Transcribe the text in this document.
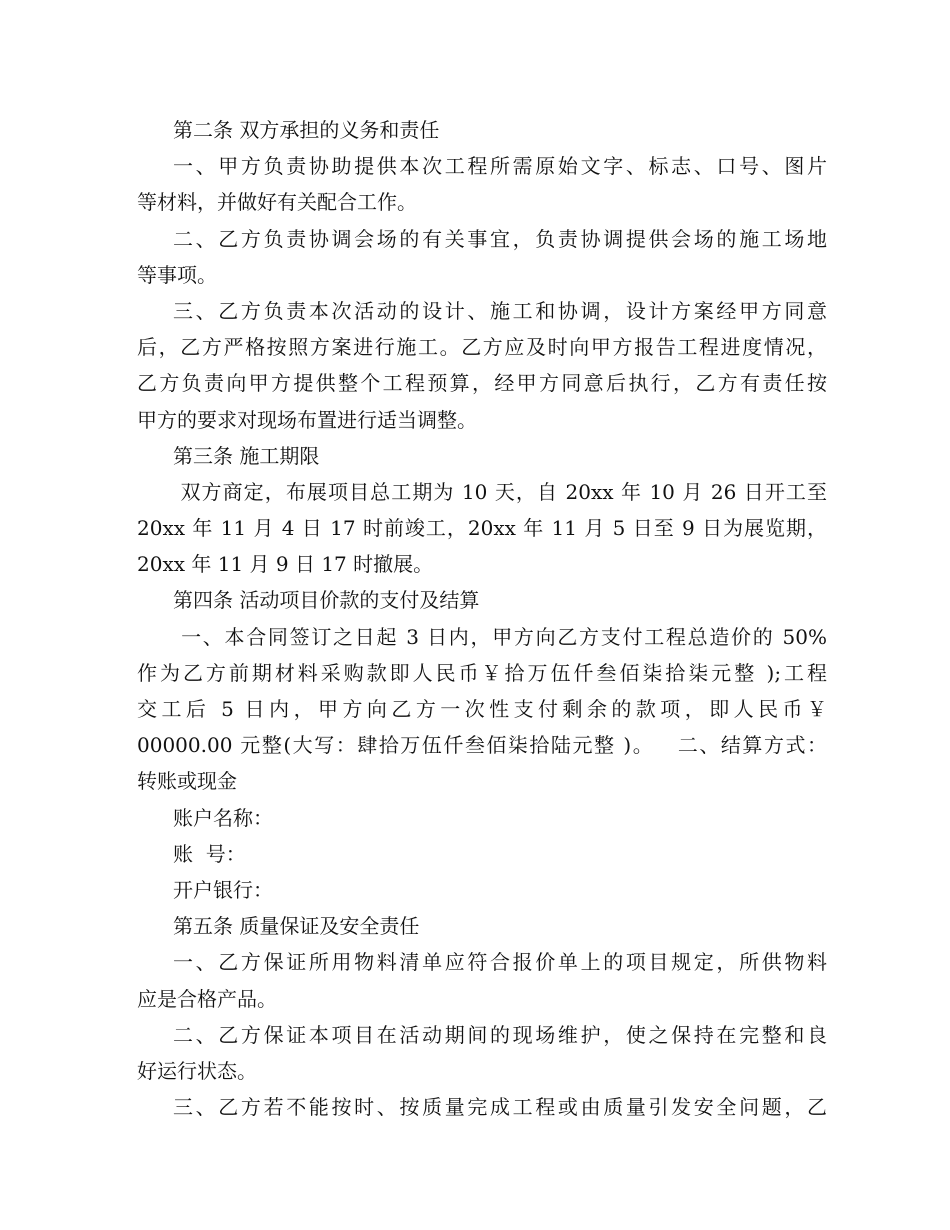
第二条 双方承担的义务和责任
一、甲方负责协助提供本次工程所需原始文字、标志、口号、图片
等材料，并做好有关配合工作。
二、乙方负责协调会场的有关事宜，负责协调提供会场的施工场地
等事项。
三、乙方负责本次活动的设计、施工和协调，设计方案经甲方同意
后，乙方严格按照方案进行施工。乙方应及时向甲方报告工程进度情况，
乙方负责向甲方提供整个工程预算，经甲方同意后执行，乙方有责任按
甲方的要求对现场布置进行适当调整。
第三条 施工期限
双方商定，布展项目总工期为 10 天，自 20xx 年 10 月 26 日开工至
20xx 年 11 月 4 日 17 时前竣工，20xx 年 11 月 5 日至 9 日为展览期，
20xx 年 11 月 9 日 17 时撤展。
第四条 活动项目价款的支付及结算
一、本合同签订之日起 3 日内，甲方向乙方支付工程总造价的 50%
作为乙方前期材料采购款即人民币￥拾万伍仟叁佰柒拾柒元整 );工程
交工后 5 日内，甲方向乙方一次性支付剩余的款项，即人民币￥
00000.00 元整(大写：肆拾万伍仟叁佰柒拾陆元整 )。   二、结算方式：
转账或现金
账户名称：
账  号：
开户银行：
第五条 质量保证及安全责任
一、乙方保证所用物料清单应符合报价单上的项目规定，所供物料
应是合格产品。
二、乙方保证本项目在活动期间的现场维护，使之保持在完整和良
好运行状态。
三、乙方若不能按时、按质量完成工程或由质量引发安全问题，乙
